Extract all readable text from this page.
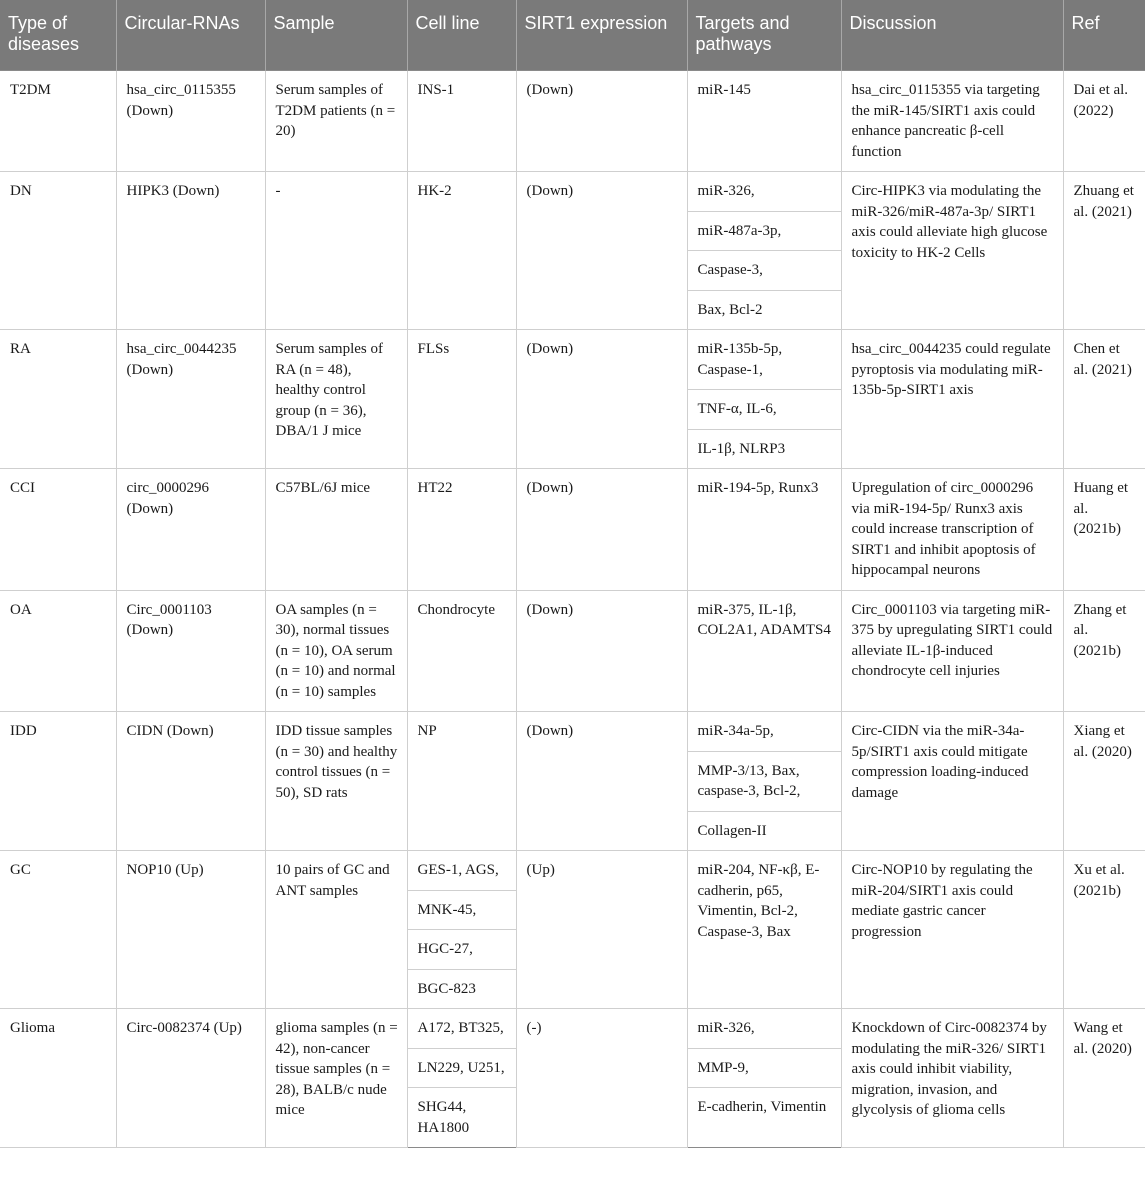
Type of diseases	Circular-RNAs	Sample	Cell line	SIRT1 expression	Targets and pathways	Discussion	Ref
T2DM	hsa_circ_0115355 (Down)	Serum samples of T2DM patients (n = 20)	INS-1	(Down)	miR-145	hsa_circ_0115355 via targeting the miR-145/SIRT1 axis could enhance pancreatic β-cell function	Dai et al. (2022)
DN	HIPK3 (Down)	-	HK-2	(Down)	miR-326,	Circ-HIPK3 via modulating the miR-326/miR-487a-3p/ SIRT1 axis could alleviate high glucose toxicity to HK-2 Cells	Zhuang et al. (2021)
					miR-487a-3p,		
					Caspase-3,		
					Bax, Bcl-2		
RA	hsa_circ_0044235 (Down)	Serum samples of RA (n = 48), healthy control group (n = 36), DBA/1 J mice	FLSs	(Down)	miR-135b-5p, Caspase-1,	hsa_circ_0044235 could regulate pyroptosis via modulating miR-135b-5p-SIRT1 axis	Chen et al. (2021)
					TNF-α, IL-6,		
					IL-1β, NLRP3		
CCI	circ_0000296 (Down)	C57BL/6J mice	HT22	(Down)	miR-194-5p, Runx3	Upregulation of circ_0000296 via miR-194-5p/ Runx3 axis could increase transcription of SIRT1 and inhibit apoptosis of hippocampal neurons	Huang et al. (2021b)
OA	Circ_0001103 (Down)	OA samples (n = 30), normal tissues (n = 10), OA serum (n = 10) and normal (n = 10) samples	Chondrocyte	(Down)	miR-375, IL-1β, COL2A1, ADAMTS4	Circ_0001103 via targeting miR-375 by upregulating SIRT1 could alleviate IL-1β-induced chondrocyte cell injuries	Zhang et al. (2021b)
IDD	CIDN (Down)	IDD tissue samples (n = 30) and healthy control tissues (n = 50), SD rats	NP	(Down)	miR-34a-5p,	Circ-CIDN via the miR-34a-5p/SIRT1 axis could mitigate compression loading-induced damage	Xiang et al. (2020)
					MMP-3/13, Bax, caspase-3, Bcl-2,		
					Collagen-II		
GC	NOP10 (Up)	10 pairs of GC and ANT samples	GES-1, AGS,	(Up)	miR-204, NF-κβ, E-cadherin, p65, Vimentin, Bcl-2, Caspase-3, Bax	Circ-NOP10 by regulating the miR-204/SIRT1 axis could mediate gastric cancer progression	Xu et al. (2021b)
			MNK-45,				
			HGC-27,				
			BGC-823				
Glioma	Circ-0082374 (Up)	glioma samples (n = 42), non-cancer tissue samples (n = 28), BALB/c nude mice	A172, BT325,	(-)	miR-326,	Knockdown of Circ-0082374 by modulating the miR-326/ SIRT1 axis could inhibit viability, migration, invasion, and glycolysis of glioma cells	Wang et al. (2020)
			LN229, U251,		MMP-9,		
			SHG44, HA1800		E-cadherin, Vimentin		
